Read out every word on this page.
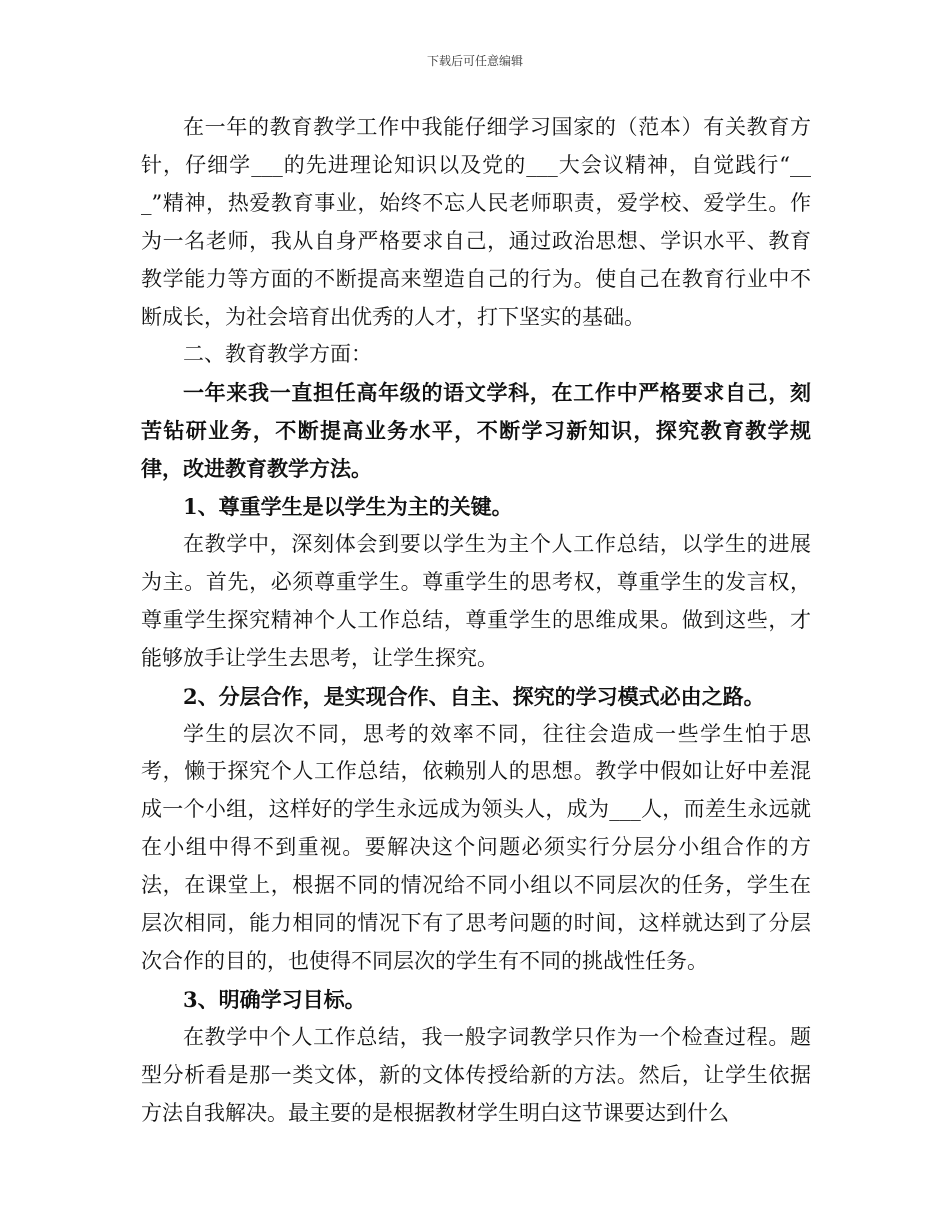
下载后可任意编辑

在一年的教育教学工作中我能仔细学习国家的（范本）有关教育方针，仔细学___的先进理论知识以及党的___大会议精神，自觉践行“___”精神，热爱教育事业，始终不忘人民老师职责，爱学校、爱学生。作为一名老师，我从自身严格要求自己，通过政治思想、学识水平、教育教学能力等方面的不断提高来塑造自己的行为。使自己在教育行业中不断成长，为社会培育出优秀的人才，打下坚实的基础。

二、教育教学方面：

一年来我一直担任高年级的语文学科，在工作中严格要求自己，刻苦钻研业务，不断提高业务水平，不断学习新知识，探究教育教学规律，改进教育教学方法。

1、尊重学生是以学生为主的关键。

在教学中，深刻体会到要以学生为主个人工作总结，以学生的进展为主。首先，必须尊重学生。尊重学生的思考权，尊重学生的发言权，尊重学生探究精神个人工作总结，尊重学生的思维成果。做到这些，才能够放手让学生去思考，让学生探究。

2、分层合作，是实现合作、自主、探究的学习模式必由之路。

学生的层次不同，思考的效率不同，往往会造成一些学生怕于思考，懒于探究个人工作总结，依赖别人的思想。教学中假如让好中差混成一个小组，这样好的学生永远成为领头人，成为___人，而差生永远就在小组中得不到重视。要解决这个问题必须实行分层分小组合作的方法，在课堂上，根据不同的情况给不同小组以不同层次的任务，学生在层次相同，能力相同的情况下有了思考问题的时间，这样就达到了分层次合作的目的，也使得不同层次的学生有不同的挑战性任务。

3、明确学习目标。

在教学中个人工作总结，我一般字词教学只作为一个检查过程。题型分析看是那一类文体，新的文体传授给新的方法。然后，让学生依据方法自我解决。最主要的是根据教材学生明白这节课要达到什么
